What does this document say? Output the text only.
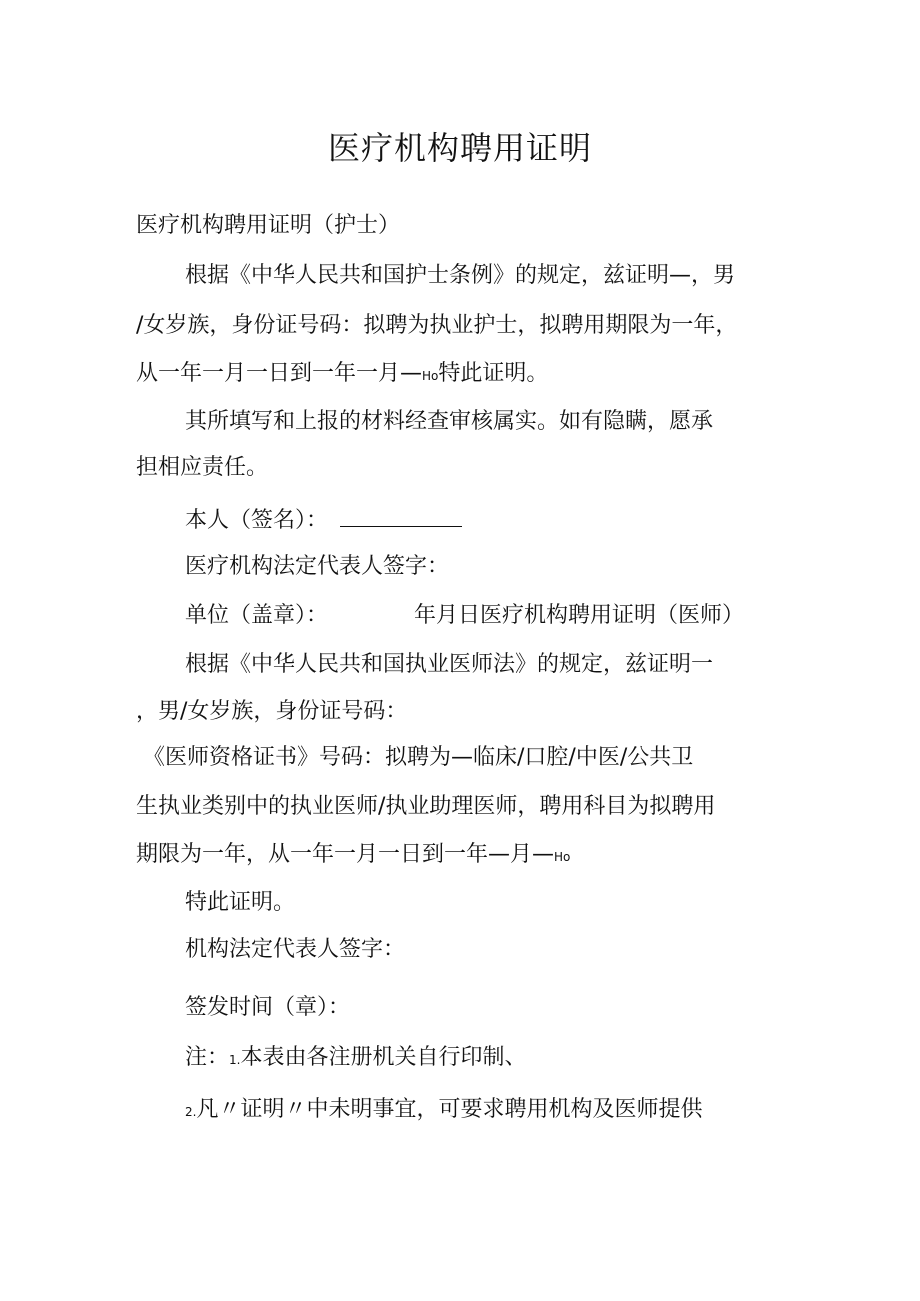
医疗机构聘用证明
医疗机构聘用证明（护士）
根据《中华人民共和国护士条例》的规定，兹证明—，男
/女岁族，身份证号码：拟聘为执业护士，拟聘用期限为一年，
从一年一月一日到一年一月—Ho特此证明。
其所填写和上报的材料经查审核属实。如有隐瞒，愿承
担相应责任。
本人（签名）：
医疗机构法定代表人签字：
单位（盖章）：	年月日医疗机构聘用证明（医师）
根据《中华人民共和国执业医师法》的规定，兹证明一
，男/女岁族，身份证号码：
《医师资格证书》号码：拟聘为—临床/口腔/中医/公共卫
生执业类别中的执业医师/执业助理医师，聘用科目为拟聘用
期限为一年，从一年一月一日到一年—月—Ho
特此证明。
机构法定代表人签字：
签发时间（章）：
注：1.本表由各注册机关自行印制、
2.凡〃证明〃中未明事宜，可要求聘用机构及医师提供
